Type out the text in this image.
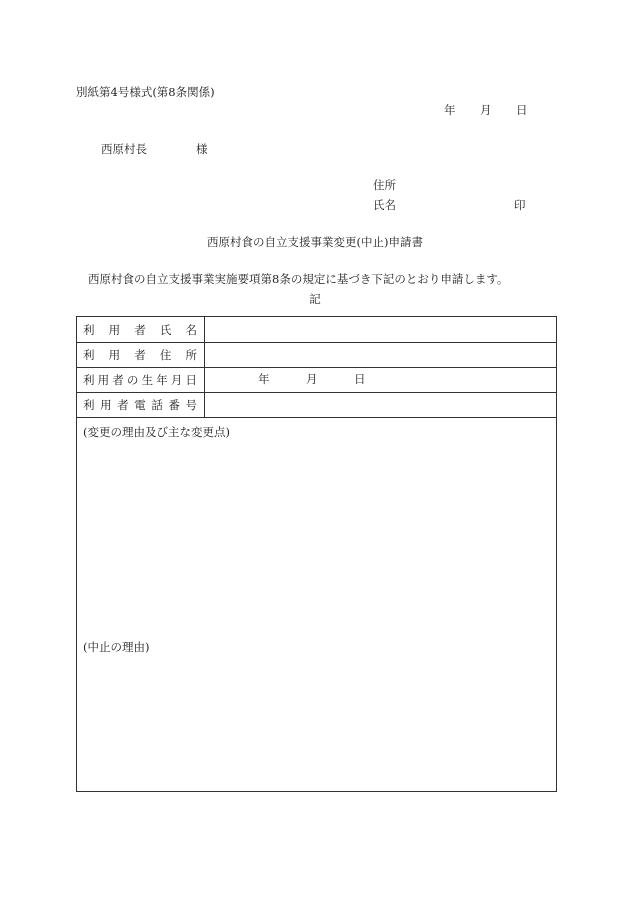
別紙第4号様式(第8条関係)
年 月 日
西原村長	様
住所
氏名	印
西原村食の自立支援事業変更(中止)申請書
西原村食の自立支援事業実施要項第8条の規定に基づき下記のとおり申請します。
記
利用者氏名
利用者住所
利用者の生年月日	年	月	日
利用者電話番号
(変更の理由及び主な変更点)
(中止の理由)
